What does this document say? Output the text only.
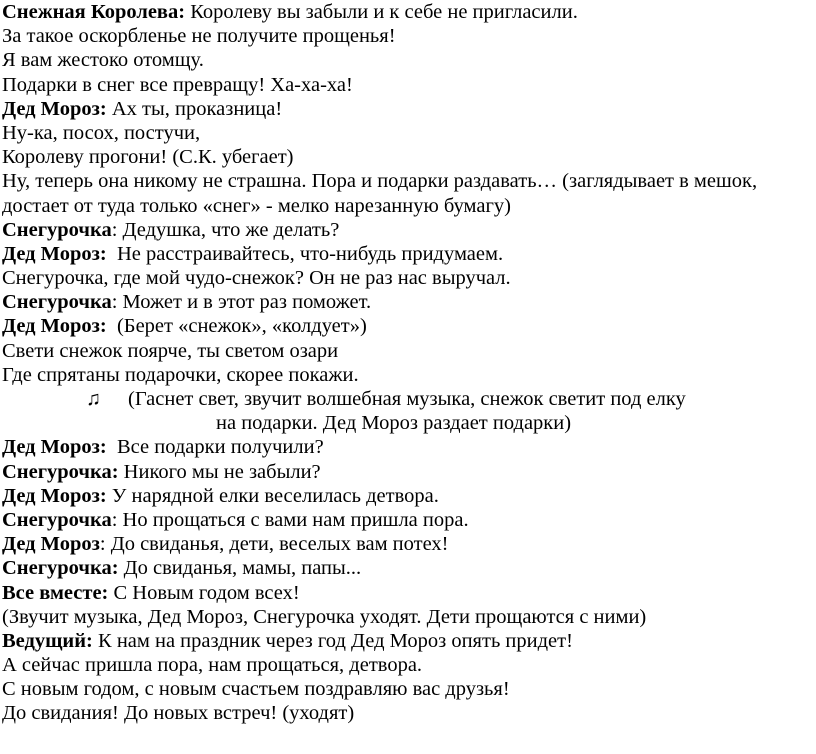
Снежная Королева: Королеву вы забыли и к себе не пригласили.
За такое оскорбленье не получите прощенья!
Я вам жестоко отомщу.
Подарки в снег все превращу! Ха-ха-ха!
Дед Мороз: Ах ты, проказница!
Ну-ка, посох, постучи,
Королеву прогони! (С.К. убегает)
Ну, теперь она никому не страшна. Пора и подарки раздавать… (заглядывает в мешок,
достает от туда только «снег» - мелко нарезанную бумагу)
Снегурочка: Дедушка, что же делать?
Дед Мороз:  Не расстраивайтесь, что-нибудь придумаем.
Снегурочка, где мой чудо-снежок? Он не раз нас выручал.
Снегурочка: Может и в этот раз поможет.
Дед Мороз:  (Берет «снежок», «колдует»)
Свети снежок поярче, ты светом озари
Где спрятаны подарочки, скорее покажи.
♫ (Гаснет свет, звучит волшебная музыка, снежок светит под елку
на подарки. Дед Мороз раздает подарки)
Дед Мороз:  Все подарки получили?
Снегурочка: Никого мы не забыли?
Дед Мороз: У нарядной елки веселилась детвора.
Снегурочка: Но прощаться с вами нам пришла пора.
Дед Мороз: До свиданья, дети, веселых вам потех!
Снегурочка: До свиданья, мамы, папы...
Все вместе: С Новым годом всех!
(Звучит музыка, Дед Мороз, Снегурочка уходят. Дети прощаются с ними)
Ведущий: К нам на праздник через год Дед Мороз опять придет!
А сейчас пришла пора, нам прощаться, детвора.
С новым годом, с новым счастьем поздравляю вас друзья!
До свидания! До новых встреч! (уходят)
